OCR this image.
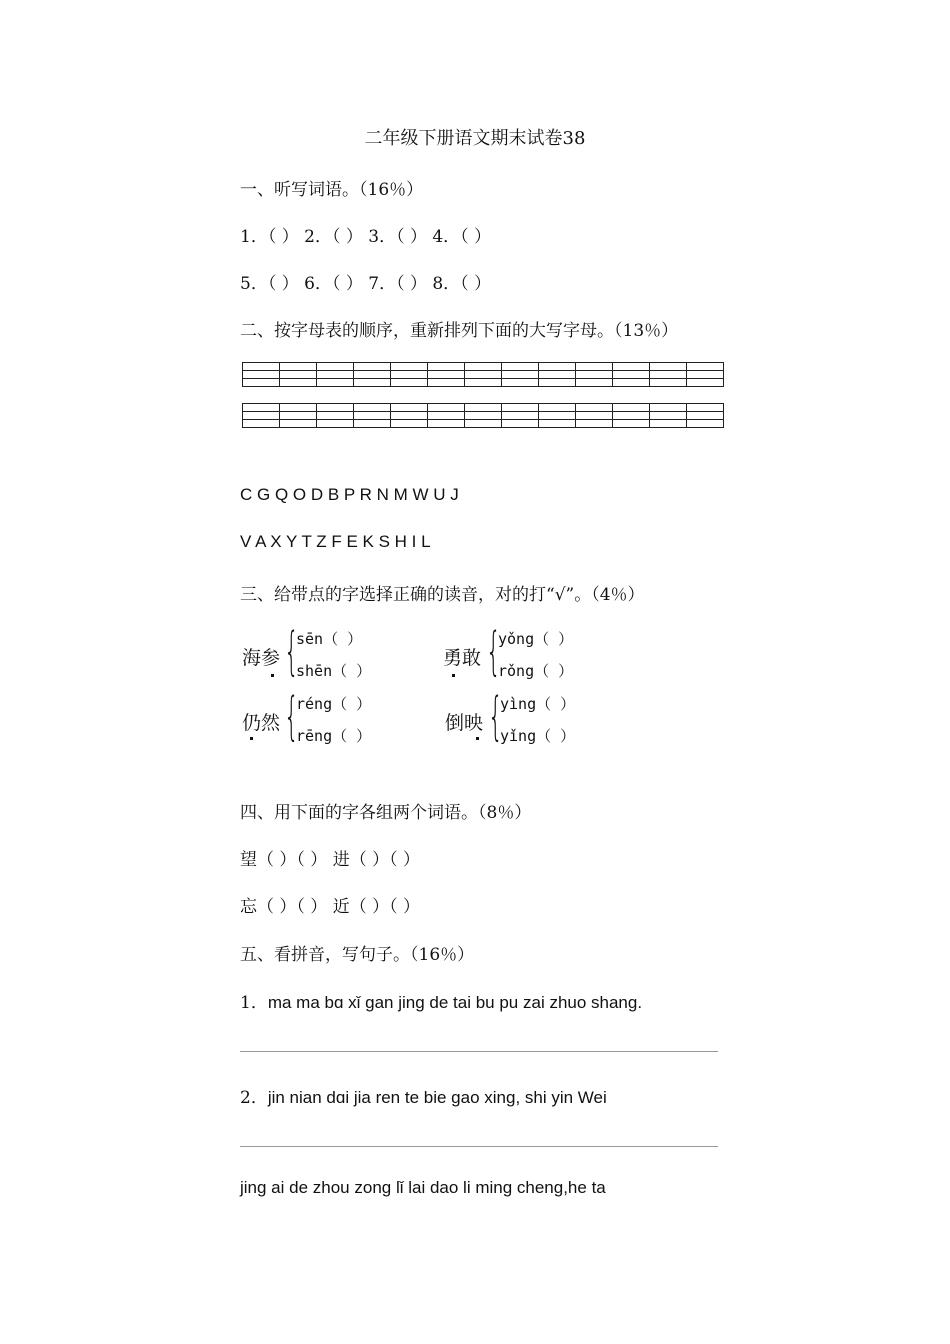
二年级下册语文期末试卷38
一、听写词语。（16％）
1．（ ） 2．（ ） 3．（ ） 4．（ ）
5．（ ） 6．（ ） 7．（ ） 8．（ ）
二、按字母表的顺序，重新排列下面的大写字母。（13％）

C G Q O D B P R N M W U J
V A X Y T Z F E K S H I L
三、给带点的字选择正确的读音，对的打“√”。（4％）
海参 {
sēn（ ）
shēn（ ）
勇敢 {
yǒng（ ）
rǒng（ ）
仍然 {
réng（ ）
rēng（ ）
倒映 {
yìng（ ）
yǐng（ ）
四、用下面的字各组两个词语。（8％）
望（ ）（ ） 进（ ）（ ）
忘（ ）（ ） 近（ ）（ ）
五、看拼音，写句子。（16％）
1．ma ma bɑ xǐ gan jing de tai bu pu zai zhuo shang.
2．jin nian dɑi jia ren te bie gao xing, shi yin Wei
jing ai de zhou zong lǐ lai dao li ming cheng,he ta
